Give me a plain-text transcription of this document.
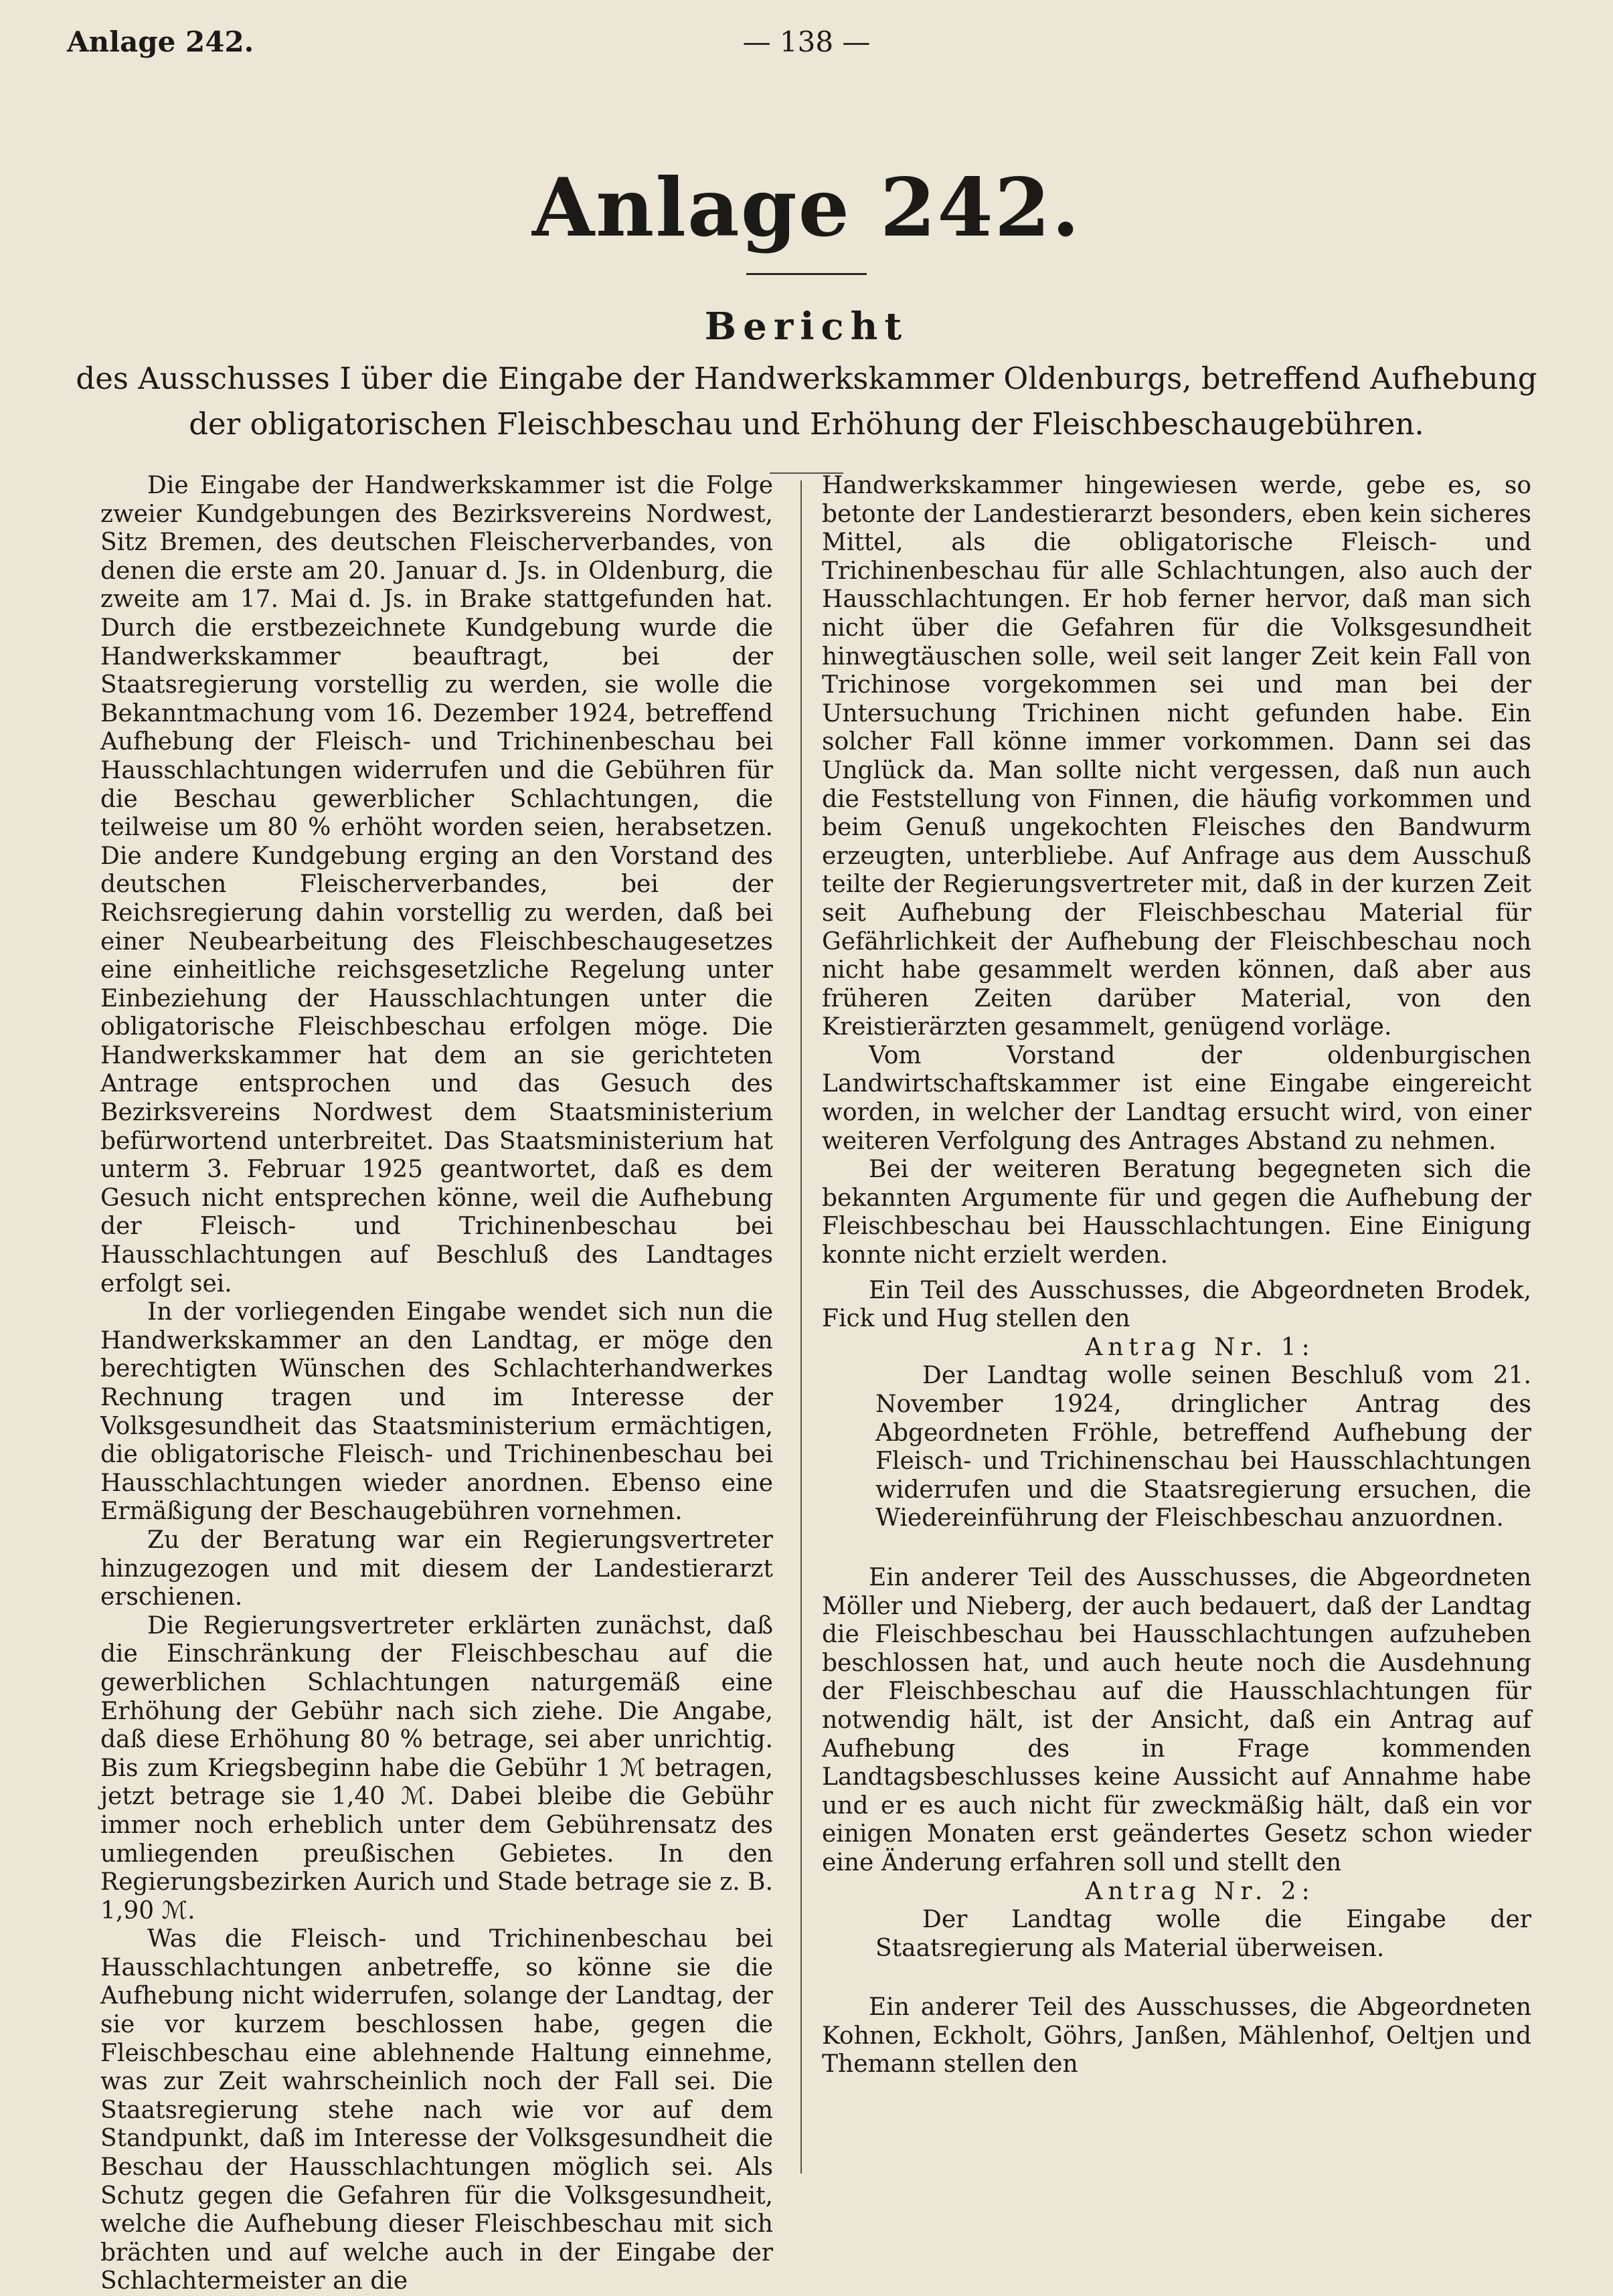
Anlage 242.	— 138 —
Anlage 242.
Bericht
des Ausschusses I über die Eingabe der Handwerkskammer Oldenburgs, betreffend Aufhebung der obligatorischen Fleischbeschau und Erhöhung der Fleischbeschaugebühren.

Die Eingabe der Handwerkskammer ist die Folge zweier Kundgebungen des Bezirksvereins Nordwest, Sitz Bremen, des deutschen Fleischerverbandes, von denen die erste am 20. Januar d. Js. in Oldenburg, die zweite am 17. Mai d. Js. in Brake stattgefunden hat. Durch die erstbezeichnete Kundgebung wurde die Handwerkskammer beauftragt, bei der Staatsregierung vorstellig zu werden, sie wolle die Bekanntmachung vom 16. Dezember 1924, betreffend Aufhebung der Fleisch- und Trichinenbeschau bei Hausschlachtungen widerrufen und die Gebühren für die Beschau gewerblicher Schlachtungen, die teilweise um 80 % erhöht worden seien, herabsetzen. Die andere Kundgebung erging an den Vorstand des deutschen Fleischerverbandes, bei der Reichsregierung dahin vorstellig zu werden, daß bei einer Neubearbeitung des Fleischbeschaugesetzes eine einheitliche reichsgesetzliche Regelung unter Einbeziehung der Hausschlachtungen unter die obligatorische Fleischbeschau erfolgen möge. Die Handwerkskammer hat dem an sie gerichteten Antrage entsprochen und das Gesuch des Bezirksvereins Nordwest dem Staatsministerium befürwortend unterbreitet. Das Staatsministerium hat unterm 3. Februar 1925 geantwortet, daß es dem Gesuch nicht entsprechen könne, weil die Aufhebung der Fleisch- und Trichinenbeschau bei Hausschlachtungen auf Beschluß des Landtages erfolgt sei.

In der vorliegenden Eingabe wendet sich nun die Handwerkskammer an den Landtag, er möge den berechtigten Wünschen des Schlachterhandwerkes Rechnung tragen und im Interesse der Volksgesundheit das Staatsministerium ermächtigen, die obligatorische Fleisch- und Trichinenbeschau bei Hausschlachtungen wieder anordnen. Ebenso eine Ermäßigung der Beschaugebühren vornehmen.

Zu der Beratung war ein Regierungsvertreter hinzugezogen und mit diesem der Landestierarzt erschienen.

Die Regierungsvertreter erklärten zunächst, daß die Einschränkung der Fleischbeschau auf die gewerblichen Schlachtungen naturgemäß eine Erhöhung der Gebühr nach sich ziehe. Die Angabe, daß diese Erhöhung 80 % betrage, sei aber unrichtig. Bis zum Kriegsbeginn habe die Gebühr 1 ℳ betragen, jetzt betrage sie 1,40 ℳ. Dabei bleibe die Gebühr immer noch erheblich unter dem Gebührensatz des umliegenden preußischen Gebietes. In den Regierungsbezirken Aurich und Stade betrage sie z. B. 1,90 ℳ.

Was die Fleisch- und Trichinenbeschau bei Hausschlachtungen anbetreffe, so könne sie die Aufhebung nicht widerrufen, solange der Landtag, der sie vor kurzem beschlossen habe, gegen die Fleischbeschau eine ablehnende Haltung einnehme, was zur Zeit wahrscheinlich noch der Fall sei. Die Staatsregierung stehe nach wie vor auf dem Standpunkt, daß im Interesse der Volksgesundheit die Beschau der Hausschlachtungen möglich sei. Als Schutz gegen die Gefahren für die Volksgesundheit, welche die Aufhebung dieser Fleischbeschau mit sich brächten und auf welche auch in der Eingabe der Schlachtermeister an die

Handwerkskammer hingewiesen werde, gebe es, so betonte der Landestierarzt besonders, eben kein sicheres Mittel, als die obligatorische Fleisch- und Trichinenbeschau für alle Schlachtungen, also auch der Hausschlachtungen. Er hob ferner hervor, daß man sich nicht über die Gefahren für die Volksgesundheit hinwegtäuschen solle, weil seit langer Zeit kein Fall von Trichinose vorgekommen sei und man bei der Untersuchung Trichinen nicht gefunden habe. Ein solcher Fall könne immer vorkommen. Dann sei das Unglück da. Man sollte nicht vergessen, daß nun auch die Feststellung von Finnen, die häufig vorkommen und beim Genuß ungekochten Fleisches den Bandwurm erzeugten, unterbliebe. Auf Anfrage aus dem Ausschuß teilte der Regierungsvertreter mit, daß in der kurzen Zeit seit Aufhebung der Fleischbeschau Material für Gefährlichkeit der Aufhebung der Fleischbeschau noch nicht habe gesammelt werden können, daß aber aus früheren Zeiten darüber Material, von den Kreistierärzten gesammelt, genügend vorläge.

Vom Vorstand der oldenburgischen Landwirtschaftskammer ist eine Eingabe eingereicht worden, in welcher der Landtag ersucht wird, von einer weiteren Verfolgung des Antrages Abstand zu nehmen.

Bei der weiteren Beratung begegneten sich die bekannten Argumente für und gegen die Aufhebung der Fleischbeschau bei Hausschlachtungen. Eine Einigung konnte nicht erzielt werden.

Ein Teil des Ausschusses, die Abgeordneten Brodek, Fick und Hug stellen den

Antrag Nr. 1:

Der Landtag wolle seinen Beschluß vom 21. November 1924, dringlicher Antrag des Abgeordneten Fröhle, betreffend Aufhebung der Fleisch- und Trichinenschau bei Hausschlachtungen widerrufen und die Staatsregierung ersuchen, die Wiedereinführung der Fleischbeschau anzuordnen.

Ein anderer Teil des Ausschusses, die Abgeordneten Möller und Nieberg, der auch bedauert, daß der Landtag die Fleischbeschau bei Hausschlachtungen aufzuheben beschlossen hat, und auch heute noch die Ausdehnung der Fleischbeschau auf die Hausschlachtungen für notwendig hält, ist der Ansicht, daß ein Antrag auf Aufhebung des in Frage kommenden Landtagsbeschlusses keine Aussicht auf Annahme habe und er es auch nicht für zweckmäßig hält, daß ein vor einigen Monaten erst geändertes Gesetz schon wieder eine Änderung erfahren soll und stellt den

Antrag Nr. 2:

Der Landtag wolle die Eingabe der Staatsregierung als Material überweisen.

Ein anderer Teil des Ausschusses, die Abgeordneten Kohnen, Eckholt, Göhrs, Janßen, Mählenhof, Oeltjen und Themann stellen den
